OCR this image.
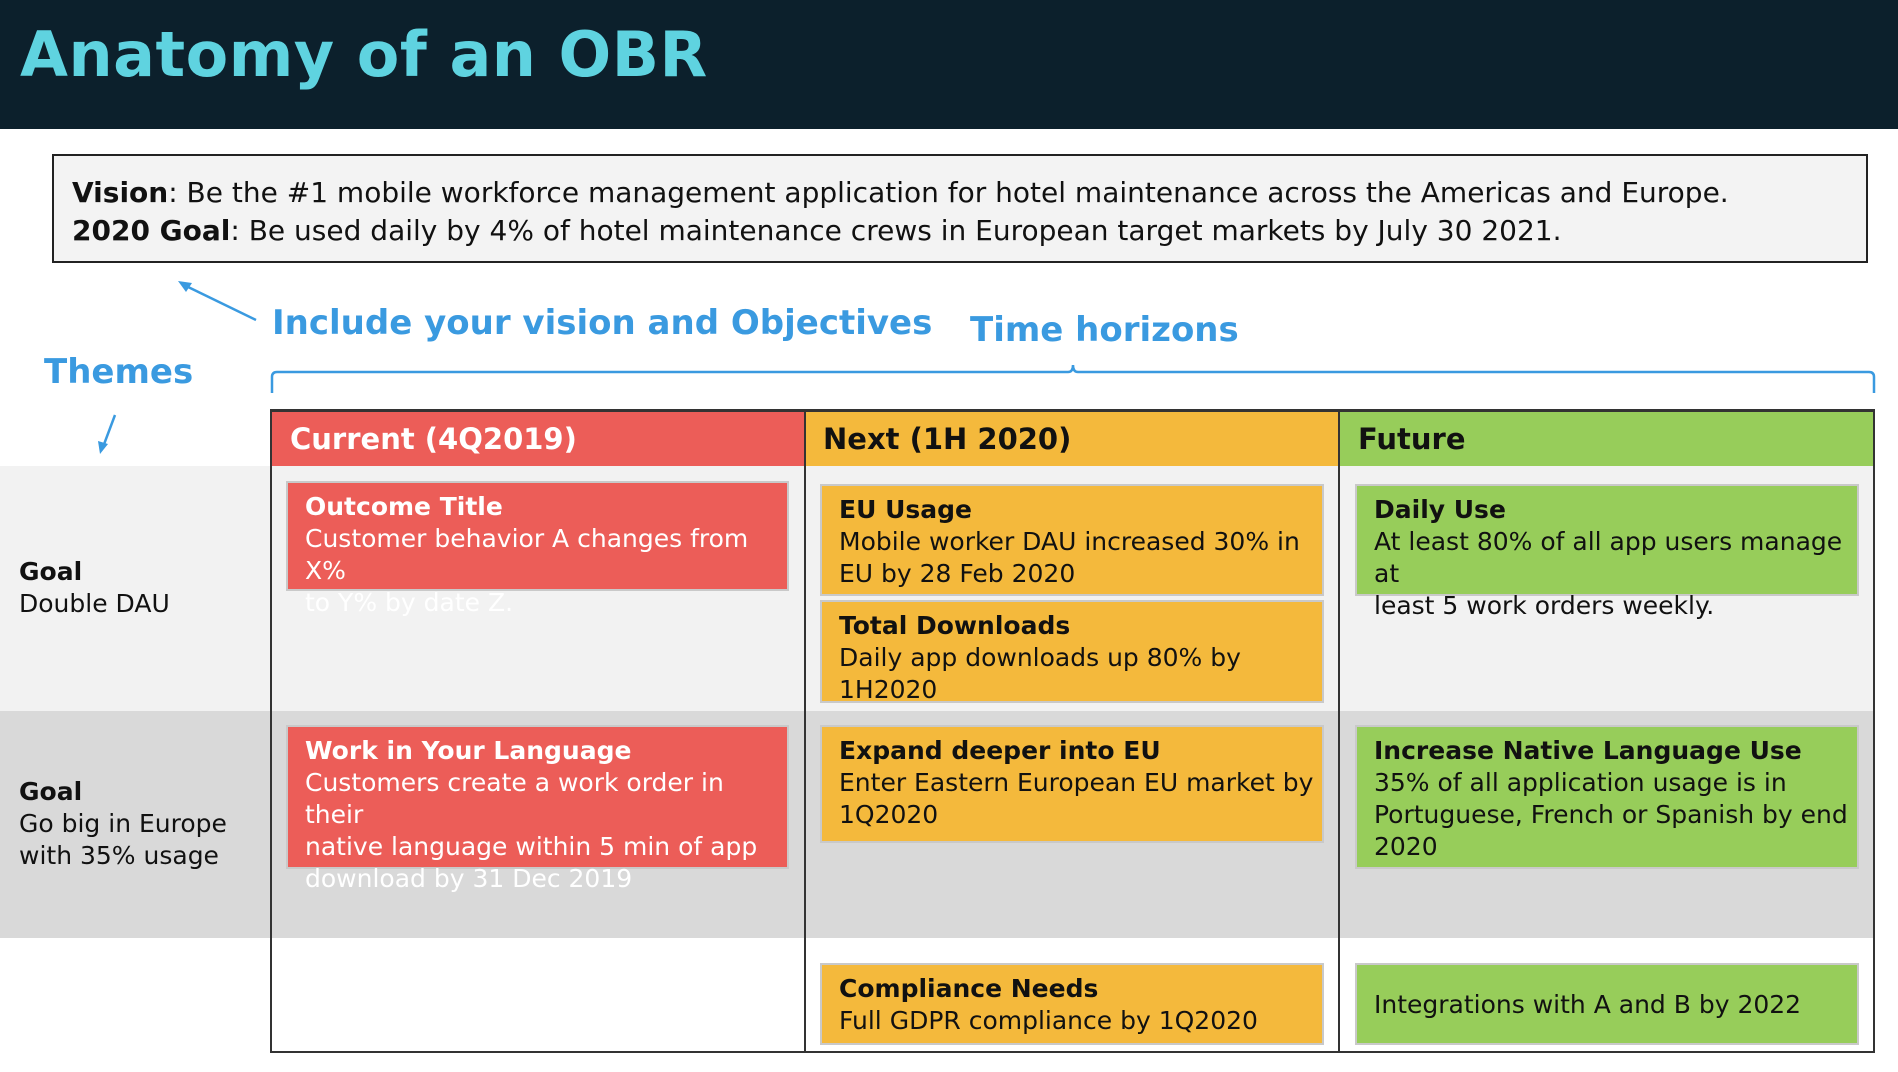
Anatomy of an OBR
Vision: Be the #1 mobile workforce management application for hotel maintenance across the Americas and Europe.
2020 Goal: Be used daily by 4% of hotel maintenance crews in European target markets by July 30 2021.
Include your vision and Objectives Time horizons
Themes
Current (4Q2019)	Next (1H 2020)	Future
Goal
Double DAU
Goal
Go big in Europe
with 35% usage
Outcome Title
Customer behavior A changes from X%
to Y% by date Z.
Work in Your Language
Customers create a work order in their
native language within 5 min of app
download by 31 Dec 2019
EU Usage
Mobile worker DAU increased 30% in
EU by 28 Feb 2020
Total Downloads
Daily app downloads up 80% by
1H2020
Expand deeper into EU
Enter Eastern European EU market by
1Q2020
Compliance Needs
Full GDPR compliance by 1Q2020
Daily Use
At least 80% of all app users manage at
least 5 work orders weekly.
Increase Native Language Use
35% of all application usage is in
Portuguese, French or Spanish by end
2020
Integrations with A and B by 2022
